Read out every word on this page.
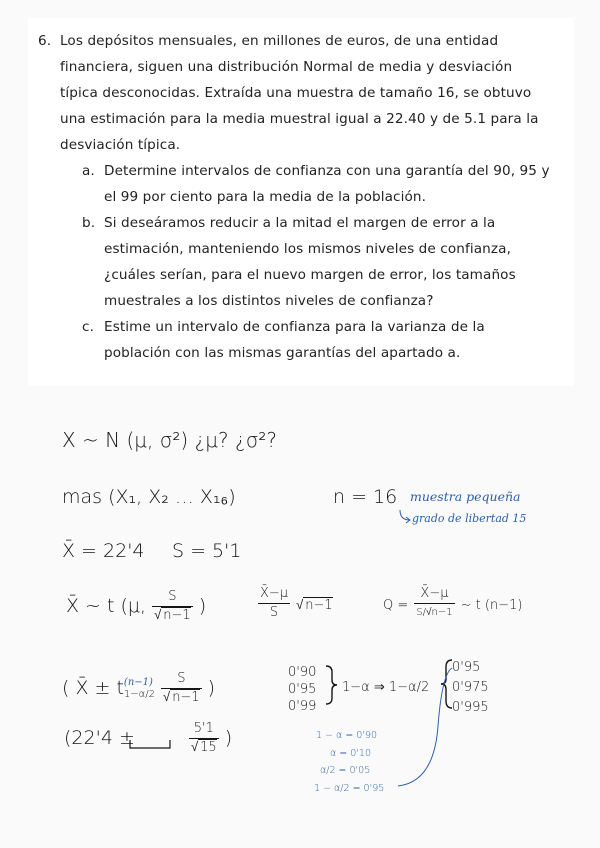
6. Los depósitos mensuales, en millones de euros, de una entidad financiera, siguen una distribución Normal de media y desviación típica desconocidas. Extraída una muestra de tamaño 16, se obtuvo una estimación para la media muestral igual a 22.40 y de 5.1 para la desviación típica.
a. Determine intervalos de confianza con una garantía del 90, 95 y el 99 por ciento para la media de la población.
b. Si deseáramos reducir a la mitad el margen de error a la estimación, manteniendo los mismos niveles de confianza, ¿cuáles serían, para el nuevo margen de error, los tamaños muestrales a los distintos niveles de confianza?
c. Estime un intervalo de confianza para la varianza de la población con las mismas garantías del apartado a.
X ~ N (μ, σ²) ¿μ? ¿σ²?
mas (X₁, X₂ … X₁₆)	n = 16 muestra pequeña
grado de libertad 15
X̄ = 22'4 S = 5'1
X̄ ~ t (μ, $\frac{S}{√ n-1}$ )	$\frac{X̄-\mu}{S}$ √ n−1	$Q = \frac{X̄-\mu}{S/√n-1}$ ~ t (n−1)
( X̄ ± t (n−1)
1−α/2
$\frac{S}{√ n-1}$ )
0'90
0'95
0'99
1−α ⇒ 1−α/2
0'95
0'975
0'995
(22'4 ±	$\frac{5'1}{√ 15}$ )	1 − α = 0'90
α = 0'10
α/2 = 0'05
1 − α/2 = 0'95
